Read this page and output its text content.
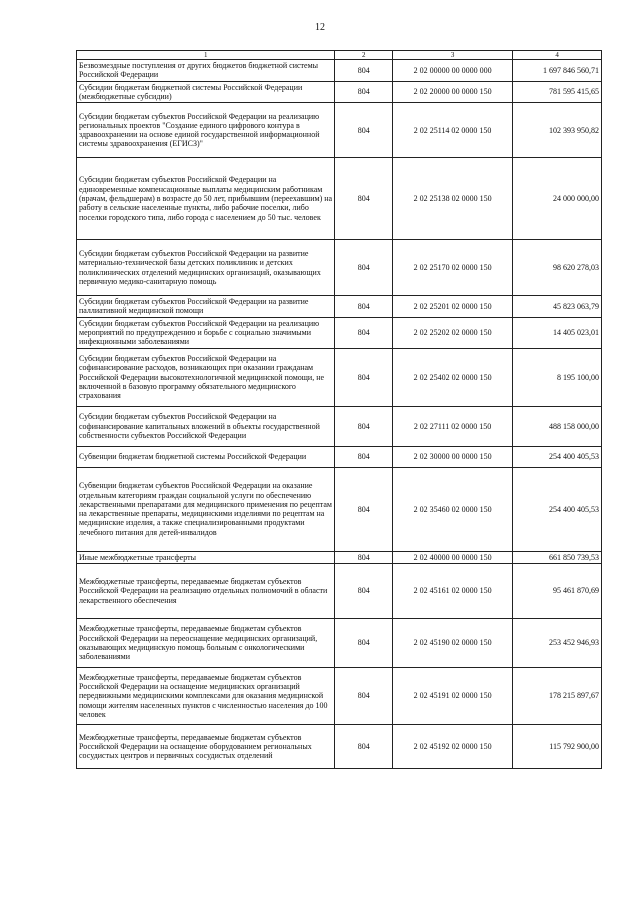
12
1	2	3	4
Безвозмездные поступления от других бюджетов бюджетной системы Российской Федерации	804	2 02 00000 00 0000 000	1 697 846 560,71
Субсидии бюджетам бюджетной системы Российской Федерации (межбюджетные субсидии)	804	2 02 20000 00 0000 150	781 595 415,65
Субсидии бюджетам субъектов Российской Федерации на реализацию региональных проектов "Создание единого цифрового контура в здравоохранении на основе единой государственной информационной системы здравоохранения (ЕГИСЗ)"	804	2 02 25114 02 0000 150	102 393 950,82
Субсидии бюджетам субъектов Российской Федерации на единовременные компенсационные выплаты медицинским работникам (врачам, фельдшерам) в возрасте до 50 лет, прибывшим (переехавшим) на работу в сельские населенные пункты, либо рабочие поселки, либо поселки городского типа, либо города с населением до 50 тыс. человек	804	2 02 25138 02 0000 150	24 000 000,00
Субсидии бюджетам субъектов Российской Федерации на развитие материально-технической базы детских поликлиник и детских поликлинических отделений медицинских организаций, оказывающих первичную медико-санитарную помощь	804	2 02 25170 02 0000 150	98 620 278,03
Субсидии бюджетам субъектов Российской Федерации на развитие паллиативной медицинской помощи	804	2 02 25201 02 0000 150	45 823 063,79
Субсидии бюджетам субъектов Российской Федерации на реализацию мероприятий по предупреждению и борьбе с социально значимыми инфекционными заболеваниями	804	2 02 25202 02 0000 150	14 405 023,01
Субсидии бюджетам субъектов Российской Федерации на софинансирование расходов, возникающих при оказании гражданам Российской Федерации высокотехнологичной медицинской помощи, не включенной в базовую программу обязательного медицинского страхования	804	2 02 25402 02 0000 150	8 195 100,00
Субсидии бюджетам субъектов Российской Федерации на софинансирование капитальных вложений в объекты государственной собственности субъектов Российской Федерации	804	2 02 27111 02 0000 150	488 158 000,00
Субвенции бюджетам бюджетной системы Российской Федерации	804	2 02 30000 00 0000 150	254 400 405,53
Субвенции бюджетам субъектов Российской Федерации на оказание отдельным категориям граждан социальной услуги по обеспечению лекарственными препаратами для медицинского применения по рецептам на лекарственные препараты, медицинскими изделиями по рецептам на медицинские изделия, а также специализированными продуктами лечебного питания для детей-инвалидов	804	2 02 35460 02 0000 150	254 400 405,53
Иные межбюджетные трансферты	804	2 02 40000 00 0000 150	661 850 739,53
Межбюджетные трансферты, передаваемые бюджетам субъектов Российской Федерации на реализацию отдельных полномочий в области лекарственного обеспечения	804	2 02 45161 02 0000 150	95 461 870,69
Межбюджетные трансферты, передаваемые бюджетам субъектов Российской Федерации на переоснащение медицинских организаций, оказывающих медицинскую помощь больным с онкологическими заболеваниями	804	2 02 45190 02 0000 150	253 452 946,93
Межбюджетные трансферты, передаваемые бюджетам субъектов Российской Федерации на оснащение медицинских организаций передвижными медицинскими комплексами для оказания медицинской помощи жителям населенных пунктов с численностью населения до 100 человек	804	2 02 45191 02 0000 150	178 215 897,67
Межбюджетные трансферты, передаваемые бюджетам субъектов Российской Федерации на оснащение оборудованием региональных сосудистых центров и первичных сосудистых отделений	804	2 02 45192 02 0000 150	115 792 900,00
